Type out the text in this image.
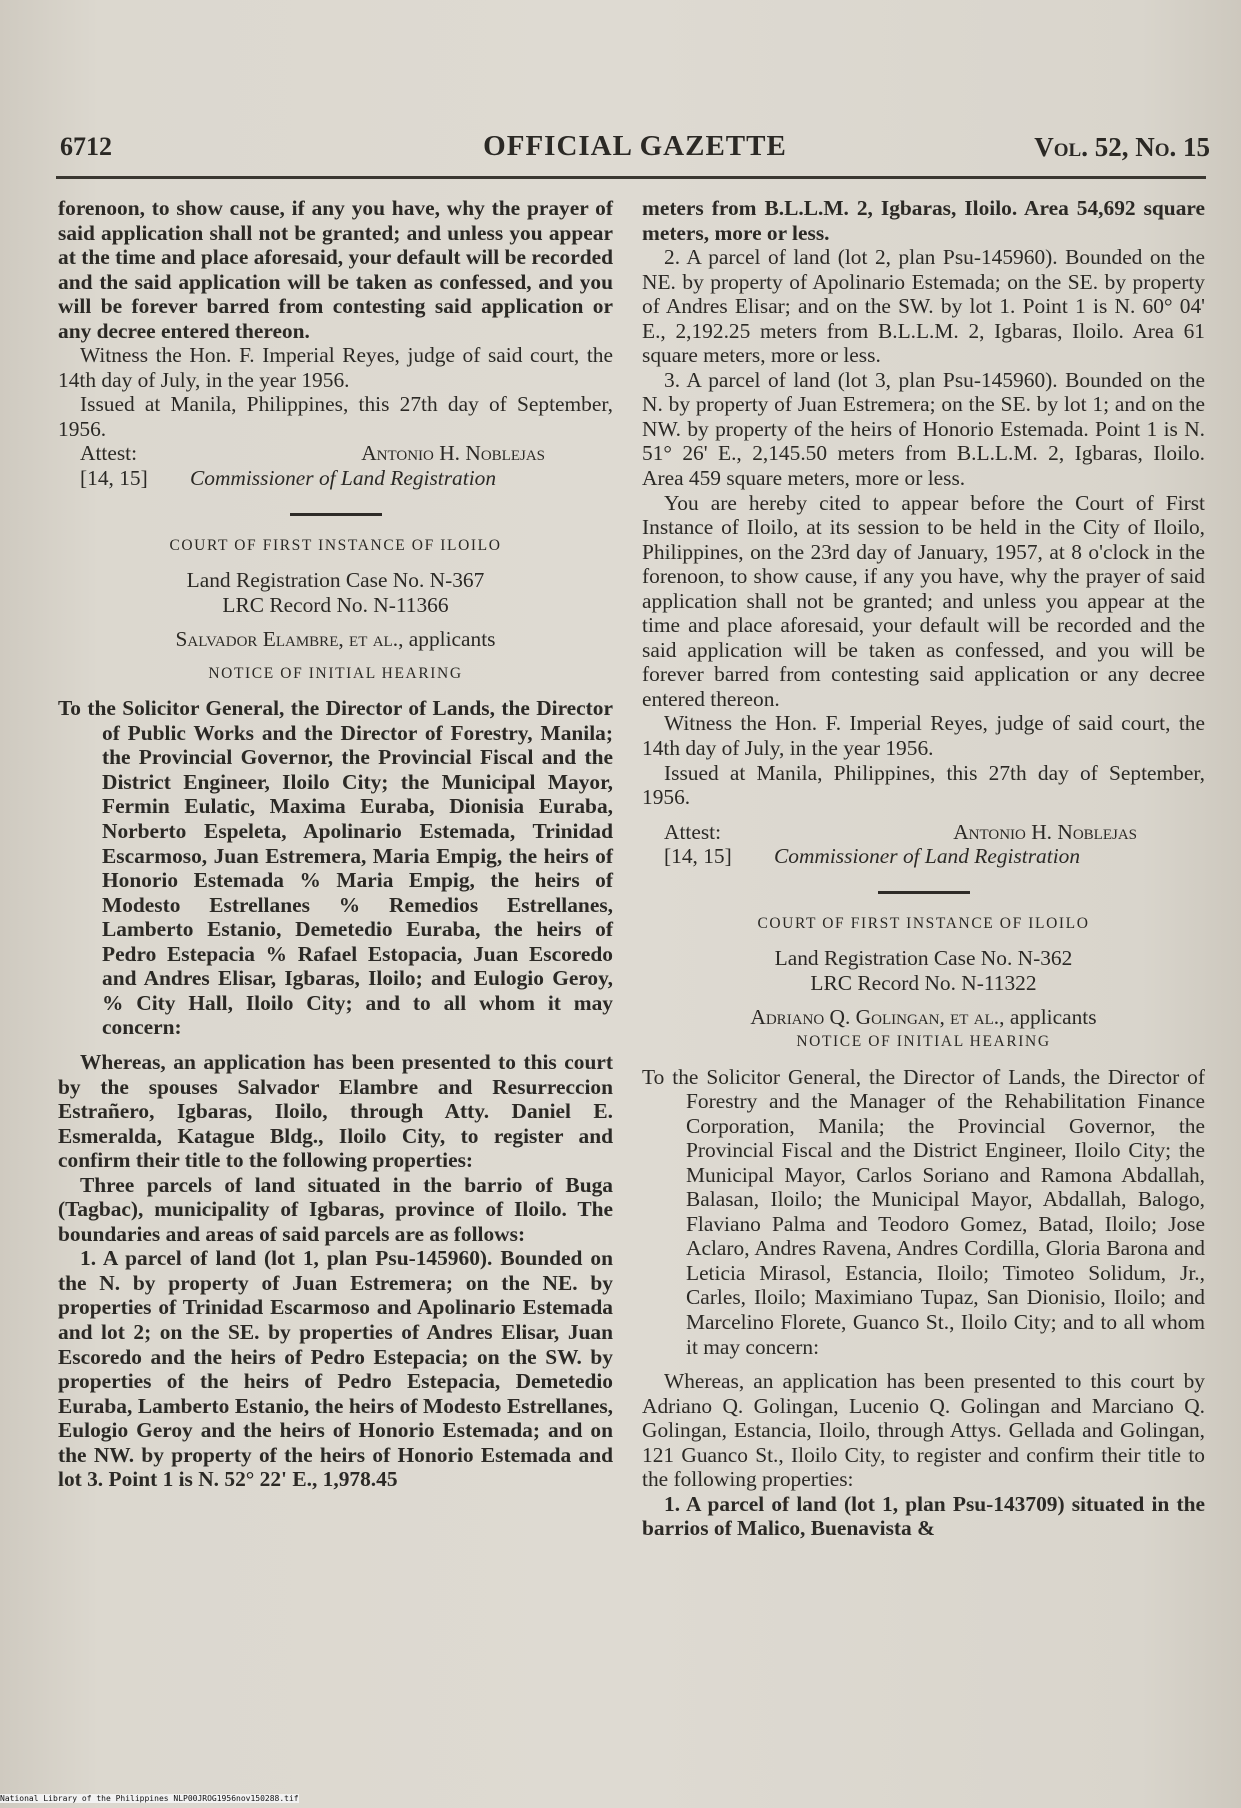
6712	OFFICIAL GAZETTE	Vol. 52, No. 15

forenoon, to show cause, if any you have, why the prayer of said application shall not be granted; and unless you appear at the time and place aforesaid, your default will be recorded and the said application will be taken as confessed, and you will be forever barred from contesting said application or any decree entered thereon.

Witness the Hon. F. Imperial Reyes, judge of said court, the 14th day of July, in the year 1956.

Issued at Manila, Philippines, this 27th day of September, 1956.

Attest:	Antonio H. Noblejas
[14, 15]	Commissioner of Land Registration

COURT OF FIRST INSTANCE OF ILOILO

Land Registration Case No. N-367

LRC Record No. N-11366

Salvador Elambre, et al., applicants

NOTICE OF INITIAL HEARING

To the Solicitor General, the Director of Lands, the Director of Public Works and the Director of Forestry, Manila; the Provincial Governor, the Provincial Fiscal and the District Engineer, Iloilo City; the Municipal Mayor, Fermin Eulatic, Maxima Euraba, Dionisia Euraba, Norberto Espeleta, Apolinario Estemada, Trinidad Escarmoso, Juan Estremera, Maria Empig, the heirs of Honorio Estemada % Maria Empig, the heirs of Modesto Estrellanes % Remedios Estrellanes, Lamberto Estanio, Demetedio Euraba, the heirs of Pedro Estepacia % Rafael Estopacia, Juan Escoredo and Andres Elisar, Igbaras, Iloilo; and Eulogio Geroy, % City Hall, Iloilo City; and to all whom it may concern:

Whereas, an application has been presented to this court by the spouses Salvador Elambre and Resurreccion Estrañero, Igbaras, Iloilo, through Atty. Daniel E. Esmeralda, Katague Bldg., Iloilo City, to register and confirm their title to the following properties:

Three parcels of land situated in the barrio of Buga (Tagbac), municipality of Igbaras, province of Iloilo. The boundaries and areas of said parcels are as follows:

1. A parcel of land (lot 1, plan Psu-145960). Bounded on the N. by property of Juan Estremera; on the NE. by properties of Trinidad Escarmoso and Apolinario Estemada and lot 2; on the SE. by properties of Andres Elisar, Juan Escoredo and the heirs of Pedro Estepacia; on the SW. by properties of the heirs of Pedro Estepacia, Demetedio Euraba, Lamberto Estanio, the heirs of Modesto Estrellanes, Eulogio Geroy and the heirs of Honorio Estemada; and on the NW. by property of the heirs of Honorio Estemada and lot 3. Point 1 is N. 52° 22' E., 1,978.45

meters from B.L.L.M. 2, Igbaras, Iloilo. Area 54,692 square meters, more or less.

2. A parcel of land (lot 2, plan Psu-145960). Bounded on the NE. by property of Apolinario Estemada; on the SE. by property of Andres Elisar; and on the SW. by lot 1. Point 1 is N. 60° 04' E., 2,192.25 meters from B.L.L.M. 2, Igbaras, Iloilo. Area 61 square meters, more or less.

3. A parcel of land (lot 3, plan Psu-145960). Bounded on the N. by property of Juan Estremera; on the SE. by lot 1; and on the NW. by property of the heirs of Honorio Estemada. Point 1 is N. 51° 26' E., 2,145.50 meters from B.L.L.M. 2, Igbaras, Iloilo. Area 459 square meters, more or less.

You are hereby cited to appear before the Court of First Instance of Iloilo, at its session to be held in the City of Iloilo, Philippines, on the 23rd day of January, 1957, at 8 o'clock in the forenoon, to show cause, if any you have, why the prayer of said application shall not be granted; and unless you appear at the time and place aforesaid, your default will be recorded and the said application will be taken as confessed, and you will be forever barred from contesting said application or any decree entered thereon.

Witness the Hon. F. Imperial Reyes, judge of said court, the 14th day of July, in the year 1956.

Issued at Manila, Philippines, this 27th day of September, 1956.

Attest:	Antonio H. Noblejas
[14, 15]	Commissioner of Land Registration

COURT OF FIRST INSTANCE OF ILOILO

Land Registration Case No. N-362

LRC Record No. N-11322

Adriano Q. Golingan, et al., applicants

NOTICE OF INITIAL HEARING

To the Solicitor General, the Director of Lands, the Director of Forestry and the Manager of the Rehabilitation Finance Corporation, Manila; the Provincial Governor, the Provincial Fiscal and the District Engineer, Iloilo City; the Municipal Mayor, Carlos Soriano and Ramona Abdallah, Balasan, Iloilo; the Municipal Mayor, Abdallah, Balogo, Flaviano Palma and Teodoro Gomez, Batad, Iloilo; Jose Aclaro, Andres Ravena, Andres Cordilla, Gloria Barona and Leticia Mirasol, Estancia, Iloilo; Timoteo Solidum, Jr., Carles, Iloilo; Maximiano Tupaz, San Dionisio, Iloilo; and Marcelino Florete, Guanco St., Iloilo City; and to all whom it may concern:

Whereas, an application has been presented to this court by Adriano Q. Golingan, Lucenio Q. Golingan and Marciano Q. Golingan, Estancia, Iloilo, through Attys. Gellada and Golingan, 121 Guanco St., Iloilo City, to register and confirm their title to the following properties:

1. A parcel of land (lot 1, plan Psu-143709) situated in the barrios of Malico, Buenavista &

National Library of the Philippines NLP00JROG1956nov150288.tif
